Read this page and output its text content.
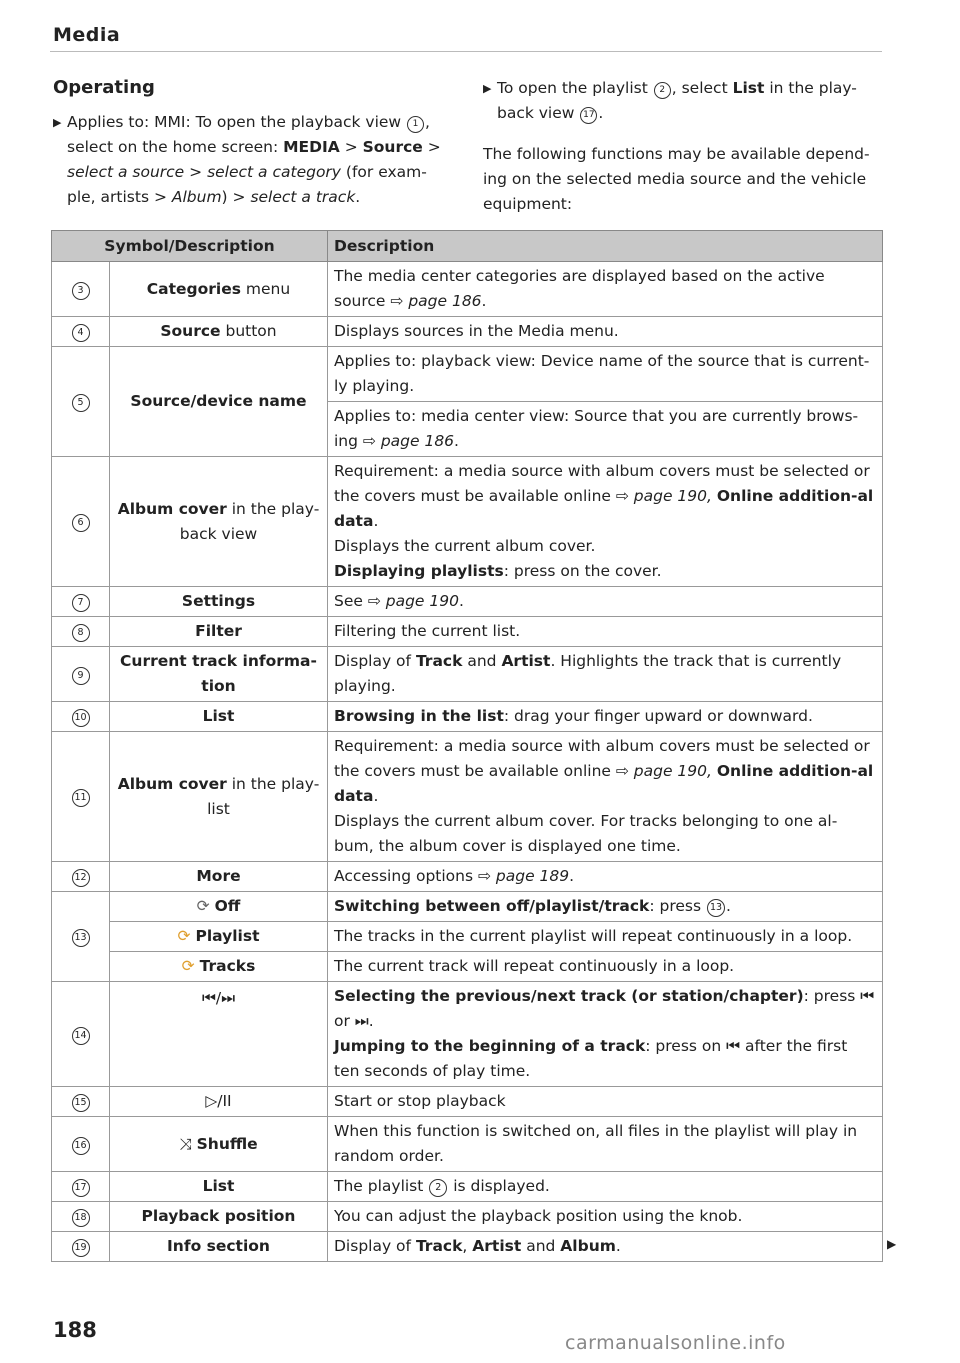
Media
Operating
▶ Applies to: MMI: To open the playback view 1 , select on the home screen: MEDIA > Source > select a source > select a category (for exam-ple, artists > Album) > select a track.
▶ To open the playlist 2 , select List in the play-back view 17 .
The following functions may be available depend-ing on the selected media source and the vehicle equipment:
Symbol/Description		Description
3	Categories menu	The media center categories are displayed based on the active source ⇨ page 186.
4	Source button	Displays sources in the Media menu.
5	Source/device name	Applies to: playback view: Device name of the source that is current-ly playing.
		Applies to: media center view: Source that you are currently brows-ing ⇨ page 186.
6	Album cover in the play-back view	Requirement: a media source with album covers must be selected or the covers must be available online ⇨ page 190, Online addition-al data.
Displays the current album cover.
Displaying playlists: press on the cover.
7	Settings	See ⇨ page 190.
8	Filter	Filtering the current list.
9	Current track informa-tion	Display of Track and Artist. Highlights the track that is currently playing.
10	List	Browsing in the list: drag your finger upward or downward.
11	Album cover in the play-list	Requirement: a media source with album covers must be selected or the covers must be available online ⇨ page 190, Online addition-al data.
Displays the current album cover. For tracks belonging to one al-bum, the album cover is displayed one time.
12	More	Accessing options ⇨ page 189.
13	⟳ Off	Switching between off/playlist/track: press 13 .
	⟳ Playlist	The tracks in the current playlist will repeat continuously in a loop.
	⟳ Tracks	The current track will repeat continuously in a loop.
14	⏮/⏭	Selecting the previous/next track (or station/chapter): press ⏮ or ⏭.
Jumping to the beginning of a track: press on ⏮ after the first ten seconds of play time.
15	▷/II	Start or stop playback
16	⤨ Shuffle	When this function is switched on, all files in the playlist will play in random order.
17	List	The playlist 2 is displayed.
18	Playback position	You can adjust the playback position using the knob.
19	Info section	Display of Track, Artist and Album.	▶
188
carmanualsonline.info
